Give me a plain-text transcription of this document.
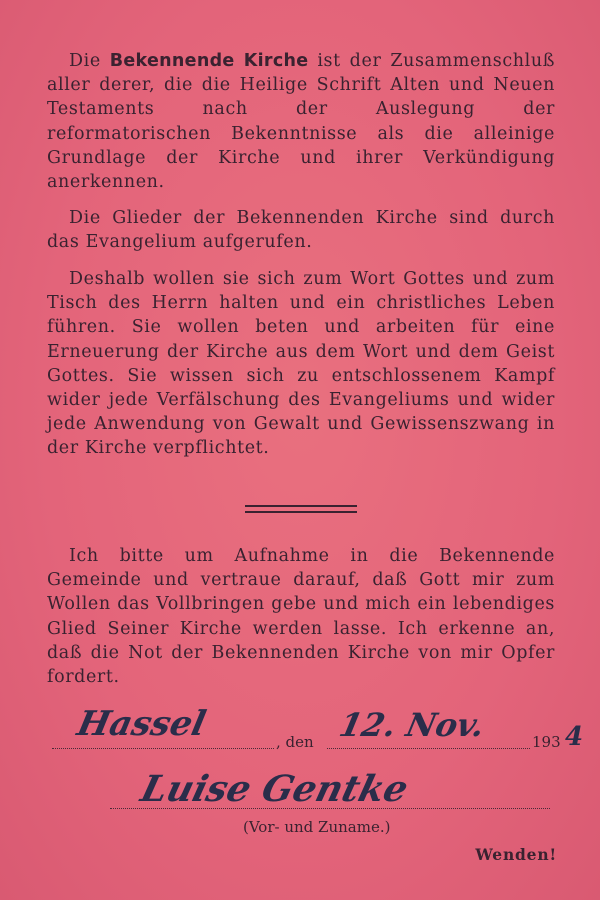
Die Bekennende Kirche ist der Zusammenschluß aller derer, die die Heilige Schrift Alten und Neuen Testaments nach der Auslegung der reformatorischen Bekenntnisse als die alleinige Grundlage der Kirche und ihrer Verkündigung anerkennen.

Die Glieder der Bekennenden Kirche sind durch das Evangelium aufgerufen.

Deshalb wollen sie sich zum Wort Gottes und zum Tisch des Herrn halten und ein christliches Leben führen. Sie wollen beten und arbeiten für eine Erneuerung der Kirche aus dem Wort und dem Geist Gottes. Sie wissen sich zu entschlossenem Kampf wider jede Verfälschung des Evangeliums und wider jede Anwendung von Gewalt und Gewissenszwang in der Kirche verpflichtet.

Ich bitte um Aufnahme in die Bekennende Gemeinde und vertraue darauf, daß Gott mir zum Wollen das Vollbringen gebe und mich ein lebendiges Glied Seiner Kirche werden lasse. Ich erkenne an, daß die Not der Bekennenden Kirche von mir Opfer fordert.

Hassel	, den 12. Nov.	193 4
Luise Gentke
(Vor- und Zuname.)
Wenden!
